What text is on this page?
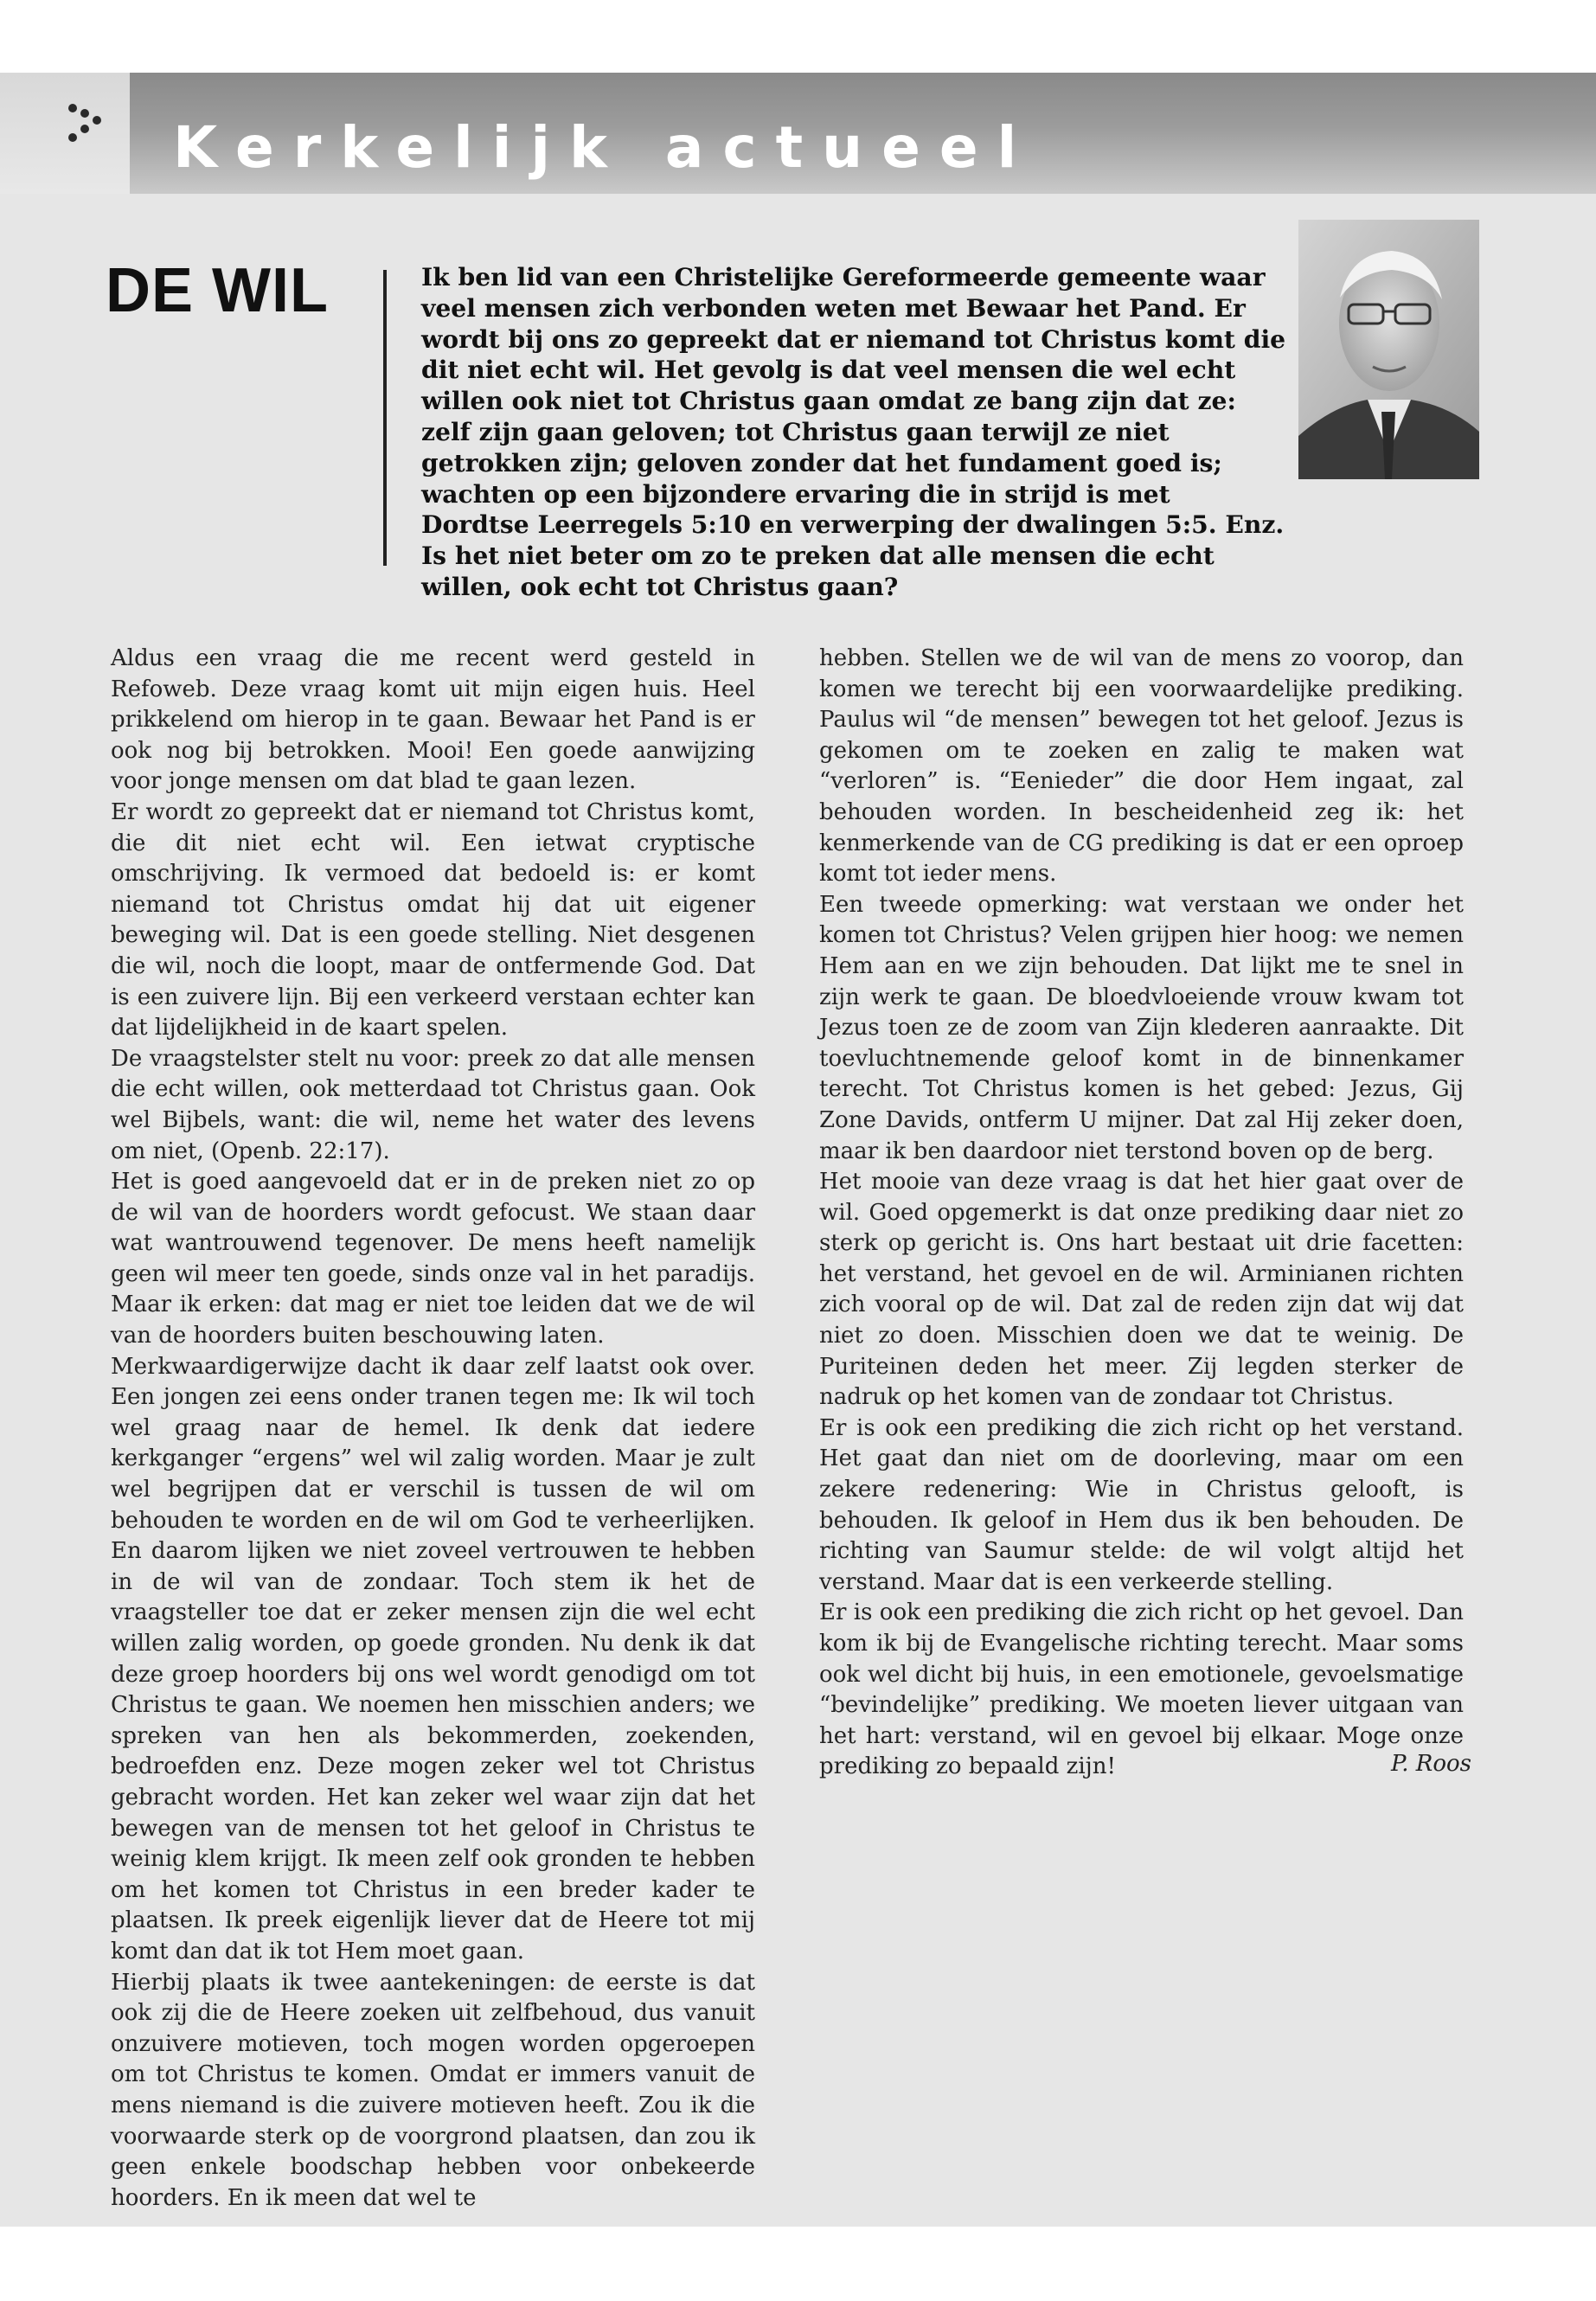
Kerkelijk actueel
DE WIL	Ik ben lid van een Christelijke Gereformeerde gemeente waar veel mensen zich verbonden weten met Bewaar het Pand. Er wordt bij ons zo gepreekt dat er niemand tot Christus komt die dit niet echt wil. Het gevolg is dat veel mensen die wel echt willen ook niet tot Christus gaan omdat ze bang zijn dat ze: zelf zijn gaan geloven; tot Christus gaan terwijl ze niet getrokken zijn; geloven zonder dat het fundament goed is; wachten op een bijzondere ervaring die in strijd is met Dordtse Leerregels 5:10 en verwerping der dwalingen 5:5. Enz. Is het niet beter om zo te preken dat alle mensen die echt willen, ook echt tot Christus gaan?

Aldus een vraag die me recent werd gesteld in Refoweb. Deze vraag komt uit mijn eigen huis. Heel prikkelend om hierop in te gaan. Bewaar het Pand is er ook nog bij betrokken. Mooi! Een goede aanwijzing voor jonge mensen om dat blad te gaan lezen.

Er wordt zo gepreekt dat er niemand tot Christus komt, die dit niet echt wil. Een ietwat cryptische omschrijving. Ik vermoed dat bedoeld is: er komt niemand tot Christus omdat hij dat uit eigener beweging wil. Dat is een goede stelling. Niet desgenen die wil, noch die loopt, maar de ontfermende God. Dat is een zuivere lijn. Bij een verkeerd verstaan echter kan dat lijdelijkheid in de kaart spelen.

De vraagstelster stelt nu voor: preek zo dat alle mensen die echt willen, ook metterdaad tot Christus gaan. Ook wel Bijbels, want: die wil, neme het water des levens om niet, (Openb. 22:17).

Het is goed aangevoeld dat er in de preken niet zo op de wil van de hoorders wordt gefocust. We staan daar wat wantrouwend tegenover. De mens heeft namelijk geen wil meer ten goede, sinds onze val in het paradijs. Maar ik erken: dat mag er niet toe leiden dat we de wil van de hoorders buiten beschouwing laten.

Merkwaardigerwijze dacht ik daar zelf laatst ook over. Een jongen zei eens onder tranen tegen me: Ik wil toch wel graag naar de hemel. Ik denk dat iedere kerkganger “ergens” wel wil zalig worden. Maar je zult wel begrijpen dat er verschil is tussen de wil om behouden te worden en de wil om God te verheerlijken. En daarom lijken we niet zoveel vertrouwen te hebben in de wil van de zondaar. Toch stem ik het de vraagsteller toe dat er zeker mensen zijn die wel echt willen zalig worden, op goede gronden. Nu denk ik dat deze groep hoorders bij ons wel wordt genodigd om tot Christus te gaan. We noemen hen misschien anders; we spreken van hen als bekommerden, zoekenden, bedroefden enz. Deze mogen zeker wel tot Christus gebracht worden. Het kan zeker wel waar zijn dat het bewegen van de mensen tot het geloof in Christus te weinig klem krijgt. Ik meen zelf ook gronden te hebben om het komen tot Christus in een breder kader te plaatsen. Ik preek eigenlijk liever dat de Heere tot mij komt dan dat ik tot Hem moet gaan.

Hierbij plaats ik twee aantekeningen: de eerste is dat ook zij die de Heere zoeken uit zelfbehoud, dus vanuit onzuivere motieven, toch mogen worden opgeroepen om tot Christus te komen. Omdat er immers vanuit de mens niemand is die zuivere motieven heeft. Zou ik die voorwaarde sterk op de voorgrond plaatsen, dan zou ik geen enkele boodschap hebben voor onbekeerde hoorders. En ik meen dat wel te

hebben. Stellen we de wil van de mens zo voorop, dan komen we terecht bij een voorwaardelijke prediking. Paulus wil “de mensen” bewegen tot het geloof. Jezus is gekomen om te zoeken en zalig te maken wat “verloren” is. “Eenieder” die door Hem ingaat, zal behouden worden. In bescheidenheid zeg ik: het kenmerkende van de CG prediking is dat er een oproep komt tot ieder mens.

Een tweede opmerking: wat verstaan we onder het komen tot Christus? Velen grijpen hier hoog: we nemen Hem aan en we zijn behouden. Dat lijkt me te snel in zijn werk te gaan. De bloedvloeiende vrouw kwam tot Jezus toen ze de zoom van Zijn klederen aanraakte. Dit toevluchtnemende geloof komt in de binnenkamer terecht. Tot Christus komen is het gebed: Jezus, Gij Zone Davids, ontferm U mijner. Dat zal Hij zeker doen, maar ik ben daardoor niet terstond boven op de berg.

Het mooie van deze vraag is dat het hier gaat over de wil. Goed opgemerkt is dat onze prediking daar niet zo sterk op gericht is. Ons hart bestaat uit drie facetten: het verstand, het gevoel en de wil. Arminianen richten zich vooral op de wil. Dat zal de reden zijn dat wij dat niet zo doen. Misschien doen we dat te weinig. De Puriteinen deden het meer. Zij legden sterker de nadruk op het komen van de zondaar tot Christus.

Er is ook een prediking die zich richt op het verstand. Het gaat dan niet om de doorleving, maar om een zekere redenering: Wie in Christus gelooft, is behouden. Ik geloof in Hem dus ik ben behouden. De richting van Saumur stelde: de wil volgt altijd het verstand. Maar dat is een verkeerde stelling.

Er is ook een prediking die zich richt op het gevoel. Dan kom ik bij de Evangelische richting terecht. Maar soms ook wel dicht bij huis, in een emotionele, gevoelsmatige “bevindelijke” prediking. We moeten liever uitgaan van het hart: verstand, wil en gevoel bij elkaar. Moge onze prediking zo bepaald zijn!	P. Roos
